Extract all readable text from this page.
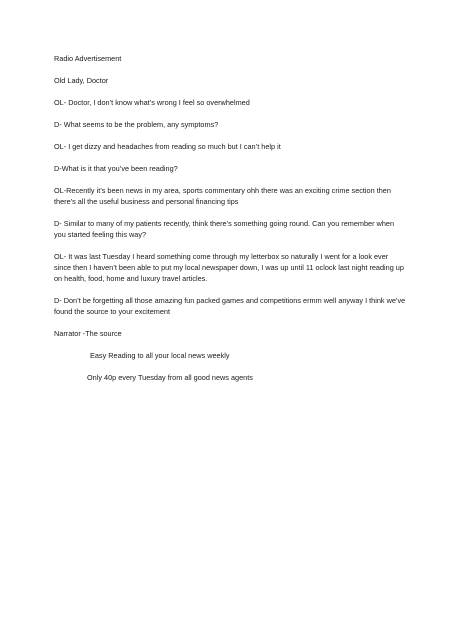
Radio Advertisement

Old Lady, Doctor

OL- Doctor, I don’t know what’s wrong I feel so overwhelmed

D- What seems to be the problem, any symptoms?

OL- I get dizzy and headaches from reading so much but I can’t help it

D-What is it that you’ve been reading?

OL-Recently it’s been news in my area, sports commentary ohh there was an exciting crime section then there’s all the useful business and personal financing tips

D- Similar to many of my patients recently, think there’s something going round. Can you remember when you started feeling this way?

OL- It was last Tuesday I heard something come through my letterbox so naturally I went for a look ever since then I haven’t been able to put my local newspaper down, I was up until 11 oclock last night reading up on health, food, home and luxury travel articles.

D- Don’t be forgetting all those amazing fun packed games and competitions ermm well anyway I think we’ve found the source to your excitement

Narrator -The source

Easy Reading to all your local news weekly

Only 40p every Tuesday from all good news agents
